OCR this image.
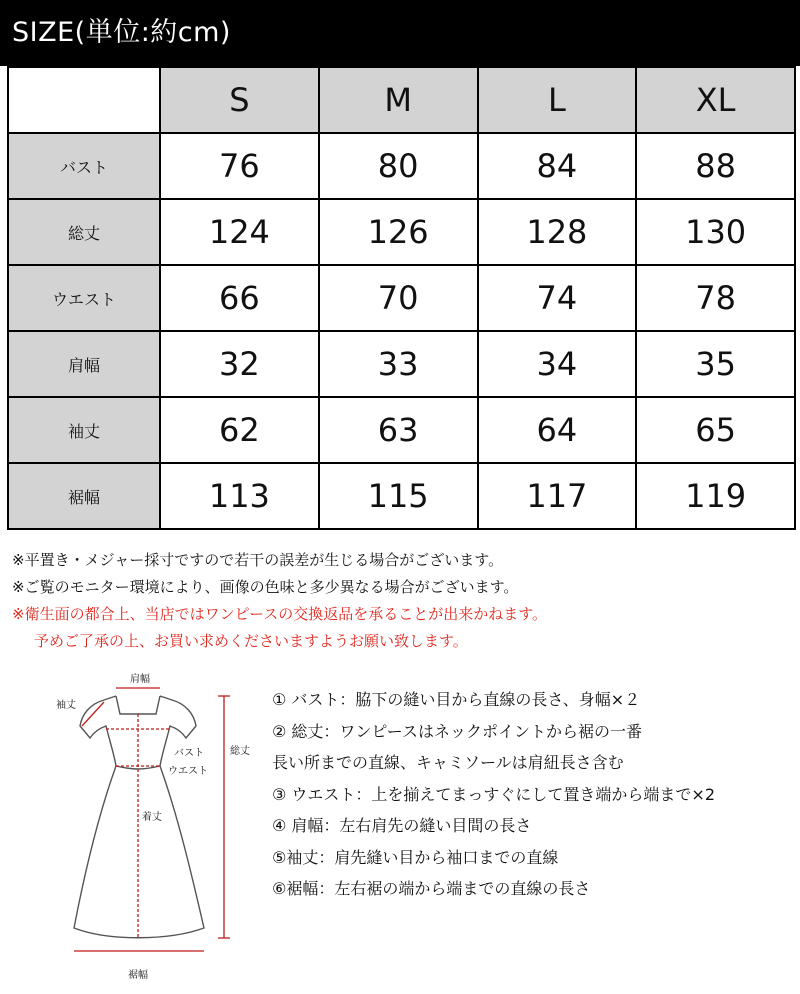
SIZE(単位:約cm)
	S	M	L	XL
バスト	76	80	84	88
総丈	124	126	128	130
ウエスト	66	70	74	78
肩幅	32	33	34	35
袖丈	62	63	64	65
裾幅	113	115	117	119
※平置き・メジャー採寸ですので若干の誤差が生じる場合がございます。
※ご覧のモニター環境により、画像の色味と多少異なる場合がございます。
※衛生面の都合上、当店ではワンピースの交換返品を承ることが出来かねます。
予めご了承の上、お買い求めくださいますようお願い致します。
肩幅
袖丈
バスト	総丈
ウエスト
着丈
裾幅
① バスト：脇下の縫い目から直線の長さ、身幅×２
② 総丈：ワンピースはネックポイントから裾の一番
長い所までの直線、キャミソールは肩紐長さ含む
③ ウエスト：上を揃えてまっすぐにして置き端から端まで×2
④ 肩幅：左右肩先の縫い目間の長さ
⑤袖丈：肩先縫い目から袖口までの直線
⑥裾幅：左右裾の端から端までの直線の長さ
